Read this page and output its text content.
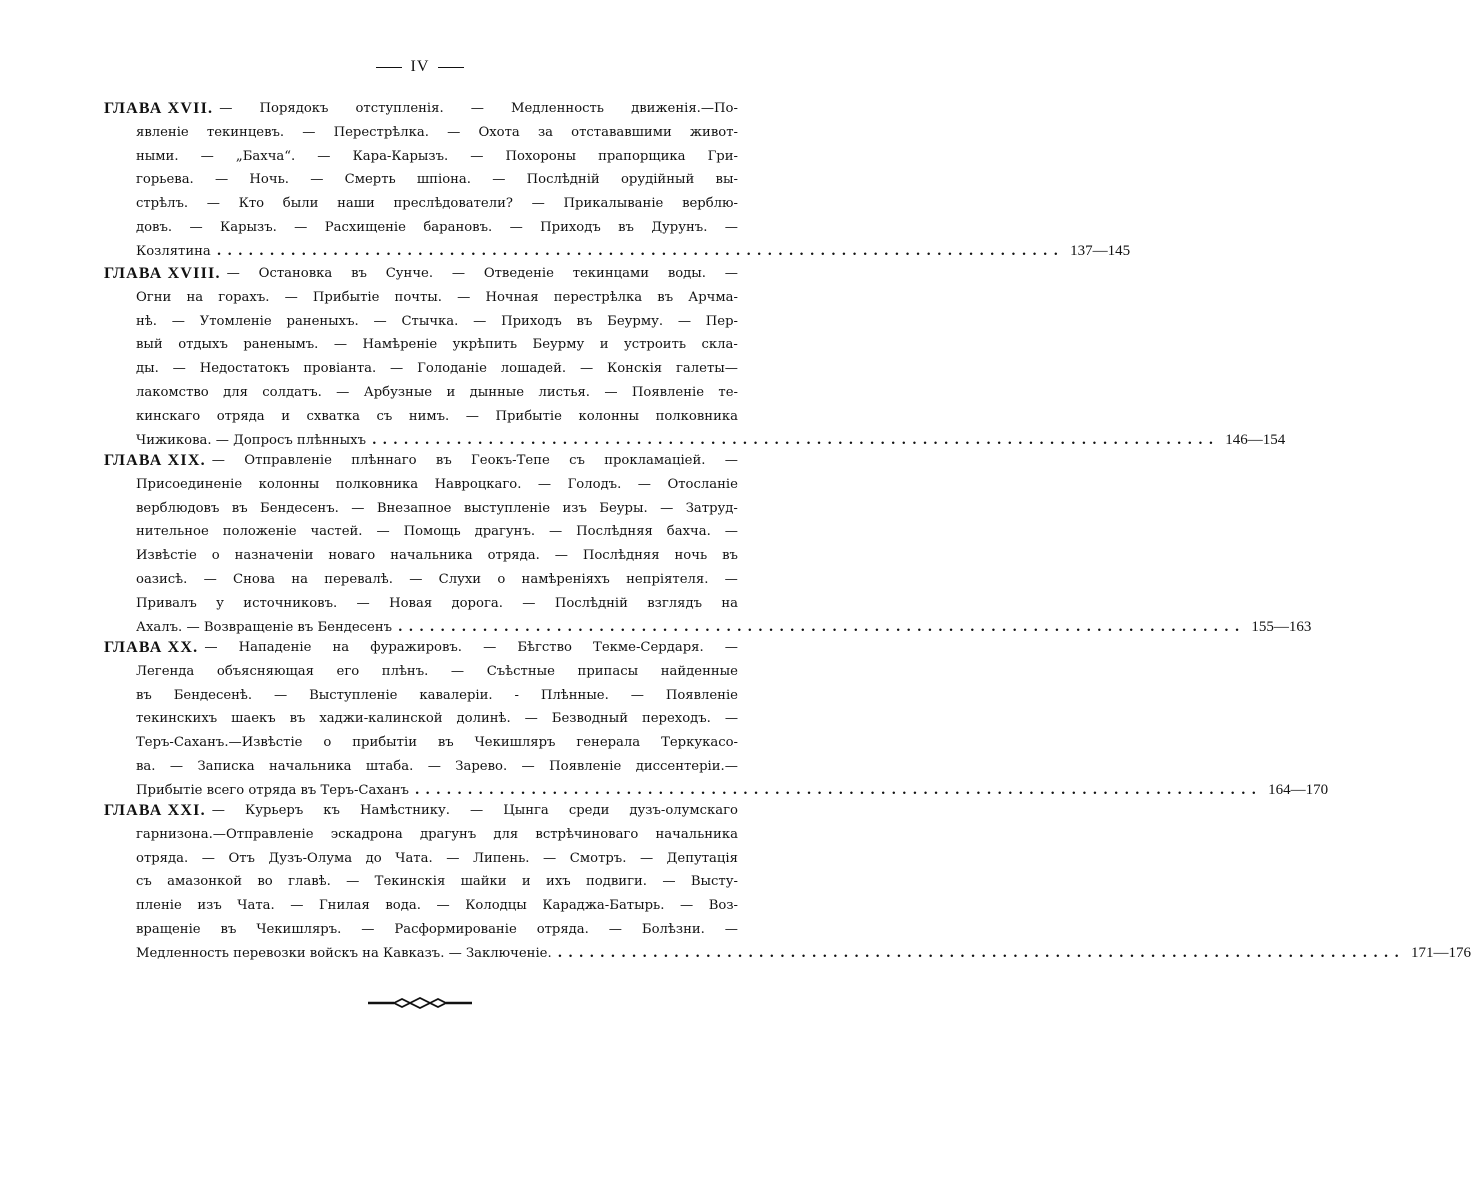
IV
ГЛАВА XVII. — Порядокъ отступленія. — Медленность движенія.—По-
явленіе текинцевъ. — Перестрѣлка. — Охота за отстававшими живот-
ными. — „Бахча“. — Кара-Карызъ. — Похороны прапорщика Гри-
горьева. — Ночь. — Смерть шпіона. — Послѣдній орудійный вы-
стрѣлъ. — Кто были наши преслѣдователи? — Прикалываніе верблю-
довъ. — Карызъ. — Расхищеніе барановъ. — Приходъ въ Дурунъ. —
Козлятина ................................................................................ 137—145
ГЛАВА XVIII. — Остановка въ Сунче. — Отведеніе текинцами воды. —
Огни на горахъ. — Прибытіе почты. — Ночная перестрѣлка въ Арчма-
нѣ. — Утомленіе раненыхъ. — Стычка. — Приходъ въ Беурму. — Пер-
вый отдыхъ раненымъ. — Намѣреніе укрѣпить Беурму и устроить скла-
ды. — Недостатокъ провіанта. — Голоданіе лошадей. — Конскія галеты—
лакомство для солдатъ. — Арбузные и дынные листья. — Появленіе те-
кинскаго отряда и схватка съ нимъ. — Прибытіе колонны полковника
Чижикова. — Допросъ плѣнныхъ ................................................................................ 146—154
ГЛАВА XIX. — Отправленіе плѣннаго въ Геокъ-Тепе съ прокламаціей. —
Присоединеніе колонны полковника Навроцкаго. — Голодъ. — Отосланіе
верблюдовъ въ Бендесенъ. — Внезапное выступленіе изъ Беуры. — Затруд-
нительное положеніе частей. — Помощь драгунъ. — Послѣдняя бахча. —
Извѣстіе о назначеніи новаго начальника отряда. — Послѣдняя ночь въ
оазисѣ. — Снова на перевалѣ. — Слухи о намѣреніяхъ непріятеля. —
Привалъ у источниковъ. — Новая дорога. — Послѣдній взглядъ на
Ахалъ. — Возвращеніе въ Бендесенъ ................................................................................ 155—163
ГЛАВА XX. — Нападеніе на фуражировъ. — Бѣгство Текме-Сердаря. —
Легенда объясняющая его плѣнъ. — Съѣстные припасы найденные
въ Бендесенѣ. — Выступленіе кавалеріи. - Плѣнные. — Появленіе
текинскихъ шаекъ въ хаджи-калинской долинѣ. — Безводный переходъ. —
Теръ-Саханъ.—Извѣстіе о прибытіи въ Чекишляръ генерала Теркукасо-
ва. — Записка начальника штаба. — Зарево. — Появленіе диссентеріи.—
Прибытіе всего отряда въ Теръ-Саханъ ................................................................................ 164—170
ГЛАВА XXI. — Курьеръ къ Намѣстнику. — Цынга среди дузъ-олумскаго
гарнизона.—Отправленіе эскадрона драгунъ для встрѣчиноваго начальника
отряда. — Отъ Дузъ-Олума до Чата. — Липень. — Смотръ. — Депутація
съ амазонкой во главѣ. — Текинскія шайки и ихъ подвиги. — Высту-
пленіе изъ Чата. — Гнилая вода. — Колодцы Караджа-Батырь. — Воз-
вращеніе въ Чекишляръ. — Расформированіе отряда. — Болѣзни. —
Медленность перевозки войскъ на Кавказъ. — Заключеніе. ................................................................................ 171—176
